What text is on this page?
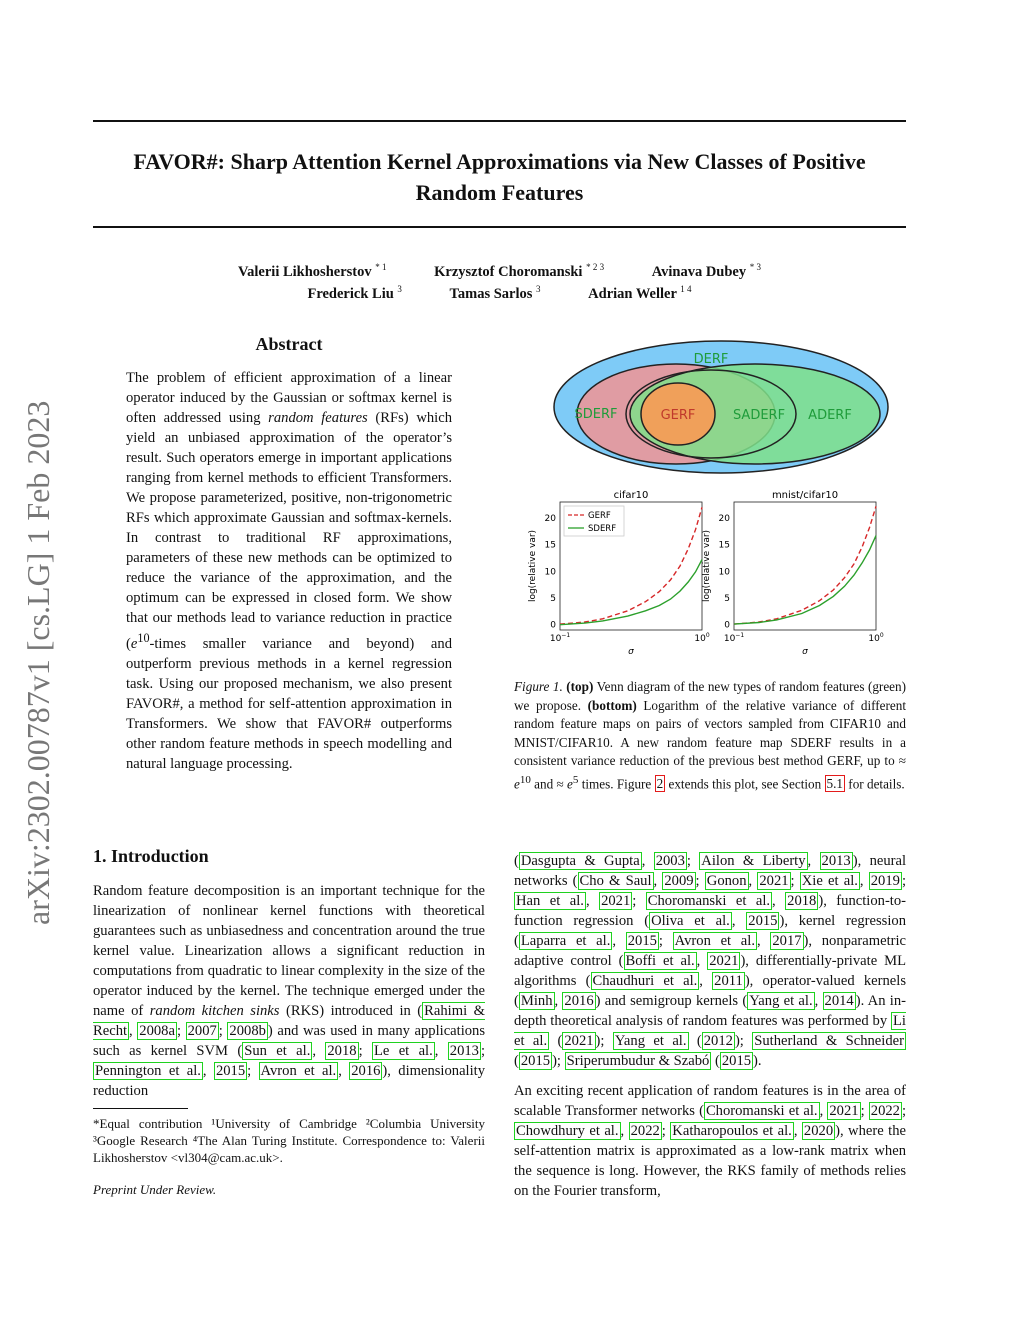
arXiv:2302.00787v1 [cs.LG] 1 Feb 2023
FAVOR#: Sharp Attention Kernel Approximations via New Classes of Positive
Random Features
Valerii Likhosherstov $^{* 1}$	Krzysztof Choromanski $^{* 2 3}$	Avinava Dubey $^{* 3}$
Frederick Liu $^3$	Tamas Sarlos $^3$	Adrian Weller $^{1 4}$
Abstract
The problem of efficient approximation of a linear operator induced by the Gaussian or softmax kernel is often addressed using random features (RFs) which yield an unbiased approximation of the operator’s result. Such operators emerge in important applications ranging from kernel methods to efficient Transformers. We propose parameterized, positive, non-trigonometric RFs which approximate Gaussian and softmax-kernels. In contrast to traditional RF approximations, parameters of these new methods can be optimized to reduce the variance of the approximation, and the optimum can be expressed in closed form. We show that our methods lead to variance reduction in practice ($e^{10}$-times smaller variance and beyond) and outperform previous methods in a kernel regression task. Using our proposed mechanism, we also present FAVOR#, a method for self-attention approximation in Transformers. We show that FAVOR# outperforms other random feature methods in speech modelling and natural language processing.
DERF
SDERF	GERF	SADERF ADERF
cifar10
log(relative var)
σ
0
5
10
15
20
$10^{-1}$	$10^0$
GERF
SDERF
mnist/cifar10
log(relative var)
σ
0
5
10
15
20
$10^{-1}$	$10^0$
Figure 1. (top) Venn diagram of the new types of random features (green) we propose. (bottom) Logarithm of the relative variance of different random feature maps on pairs of vectors sampled from CIFAR10 and MNIST/CIFAR10. A new random feature map SDERF results in a consistent variance reduction of the previous best method GERF, up to ≈ $e^{10}$ and ≈ $e^5$ times. Figure 2 extends this plot, see Section 5.1 for details.
1. Introduction
Random feature decomposition is an important technique for the linearization of nonlinear kernel functions with theoretical guarantees such as unbiasedness and concentration around the true kernel value. Linearization allows a significant reduction in computations from quadratic to linear complexity in the size of the operator induced by the kernel. The technique emerged under the name of random kitchen sinks (RKS) introduced in ( Rahimi & Recht , 2008a ; 2007 ; 2008b ) and was used in many applications such as kernel SVM ( Sun et al. , 2018 ; Le et al. , 2013 ; Pennington et al. , 2015 ; Avron et al. , 2016 ), dimensionality reduction
*Equal contribution ¹University of Cambridge ²Columbia University ³Google Research ⁴The Alan Turing Institute. Correspondence to: Valerii Likhosherstov <vl304@cam.ac.uk>.
Preprint Under Review.
( Dasgupta & Gupta , 2003 ; Ailon & Liberty , 2013 ), neural networks ( Cho & Saul , 2009 ; Gonon , 2021 ; Xie et al. , 2019 ; Han et al. , 2021 ; Choromanski et al. , 2018 ), function-to-function regression ( Oliva et al. , 2015 ), kernel regression ( Laparra et al. , 2015 ; Avron et al. , 2017 ), nonparametric adaptive control ( Boffi et al. , 2021 ), differentially-private ML algorithms ( Chaudhuri et al. , 2011 ), operator-valued kernels ( Minh , 2016 ) and semigroup kernels ( Yang et al. , 2014 ). An in-depth theoretical analysis of random features was performed by Li et al. ( 2021 ); Yang et al. ( 2012 ); Sutherland & Schneider ( 2015 ); Sriperumbudur & Szabó ( 2015 ).
An exciting recent application of random features is in the area of scalable Transformer networks ( Choromanski et al. , 2021 ; 2022 ; Chowdhury et al. , 2022 ; Katharopoulos et al. , 2020 ), where the self-attention matrix is approximated as a low-rank matrix when the sequence is long. However, the RKS family of methods relies on the Fourier transform,
